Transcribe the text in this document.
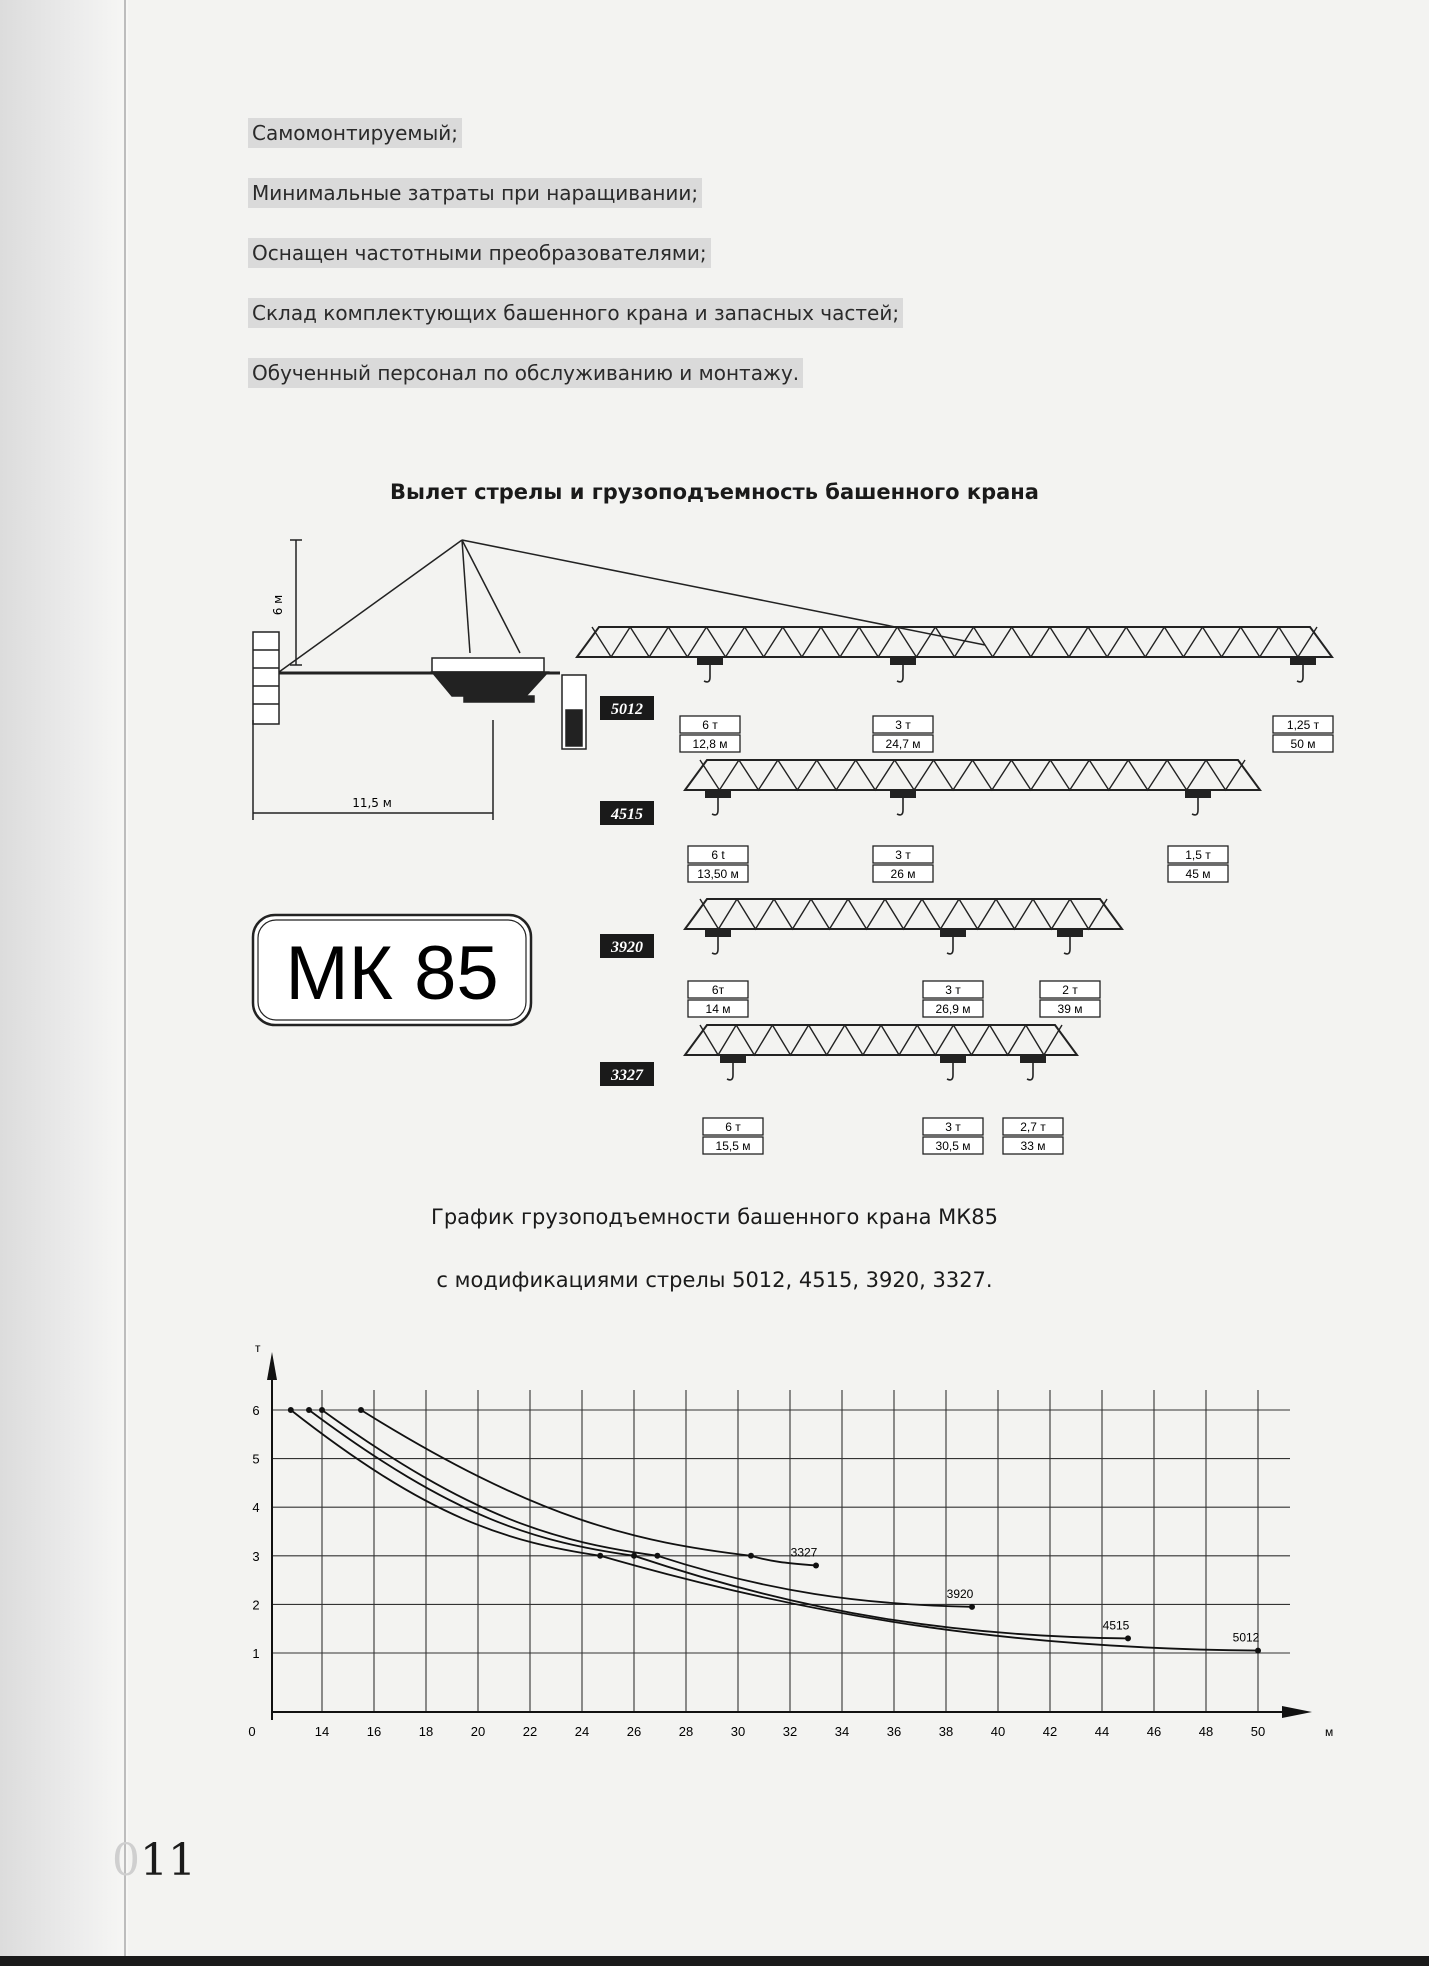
Самомонтируемый;
Минимальные затраты при наращивании;
Оснащен частотными преобразователями;
Склад комплектующих башенного крана и запасных частей;
Обученный персонал по обслуживанию и монтажу.
Вылет стрелы и грузоподъемность башенного крана
6 м
11,5 м
5012
6 т
12,8 м
3 т
24,7 м
1,25 т
50 м
4515
6 t
13,50 м
3 т
26 м
1,5 т
45 м
3920
6т
14 м
3 т
26,9 м
2 т
39 м
3327
6 т
15,5 м
3 т
30,5 м
2,7 т
33 м
МК 85
График грузоподъемности башенного крана МК85
с модификациями стрелы 5012, 4515, 3920, 3327.
0	14	16	18	20	22	24	26	28	30	32	34	36	38	40	42	44	46	48	50
1
2
3
4
5
6
м
т
5012
4515
3920
3327
011
